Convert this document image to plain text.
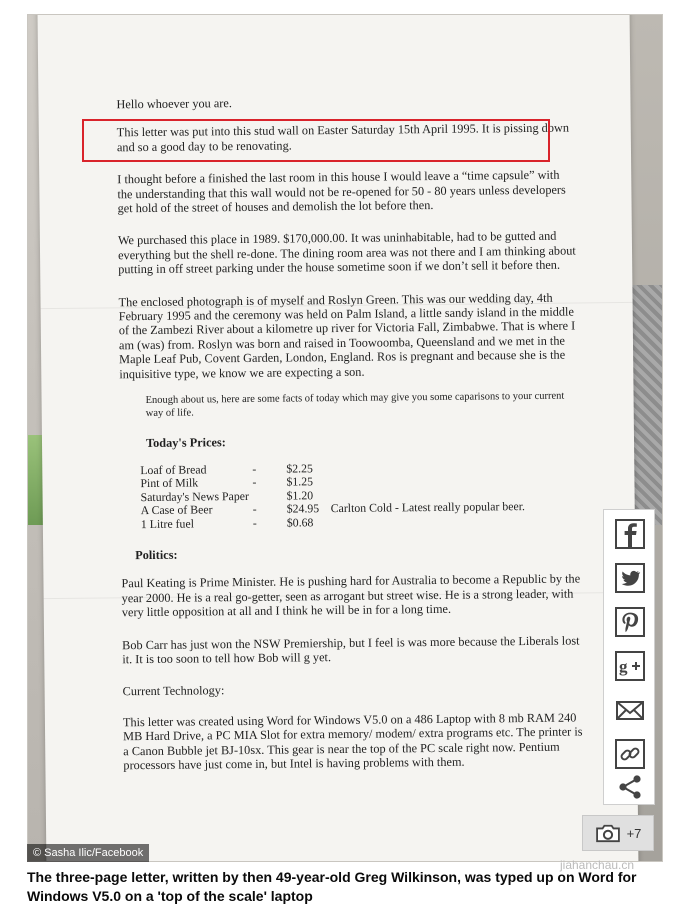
Hello whoever you are.

This letter was put into this stud wall on Easter Saturday 15th April 1995. It is pissing down and so a good day to be renovating.

I thought before a finished the last room in this house I would leave a “time capsule” with the understanding that this wall would not be re-opened for 50 - 80 years unless developers get hold of the street of houses and demolish the lot before then.

We purchased this place in 1989. $170,000.00. It was uninhabitable, had to be gutted and everything but the shell re-done. The dining room area was not there and I am thinking about putting in off street parking under the house sometime soon if we don’t sell it before then.

The enclosed photograph is of myself and Roslyn Green. This was our wedding day, 4th February 1995 and the ceremony was held on Palm Island, a little sandy island in the middle of the Zambezi River about a kilometre up river for Victoria Fall, Zimbabwe. That is where I am (was) from. Roslyn was born and raised in Toowoomba, Queensland and we met in the Maple Leaf Pub, Covent Garden, London, England. Ros is pregnant and because she is the inquisitive type, we know we are expecting a son.

Enough about us, here are some facts of today which may give you some caparisons to your current way of life.

Today's Prices:

Loaf of Bread	-	$2.25
Pint of Milk	-	$1.25
Saturday's News Paper	$1.20
A Case of Beer	-	$24.95 Carlton Cold - Latest really popular beer.
1 Litre fuel	-	$0.68

Politics:

Paul Keating is Prime Minister. He is pushing hard for Australia to become a Republic by the year 2000. He is a real go-getter, seen as arrogant but street wise. He is a strong leader, with very little opposition at all and I think he will be in for a long time.

Bob Carr has just won the NSW Premiership, but I feel is was more because the Liberals lost it. It is too soon to tell how Bob will g yet.

Current Technology:

This letter was created using Word for Windows V5.0 on a 486 Laptop with 8 mb RAM 240 MB Hard Drive, a PC MIA Slot for extra memory/ modem/ extra programs etc. The printer is a Canon Bubble jet BJ-10sx. This gear is near the top of the PC scale right now. Pentium processors have just come in, but Intel is having problems with them.

© Sasha Ilic/Facebook
g
+7
jiahanchau.cn
The three-page letter, written by then 49-year-old Greg Wilkinson, was typed up on Word for Windows V5.0 on a 'top of the scale' laptop
